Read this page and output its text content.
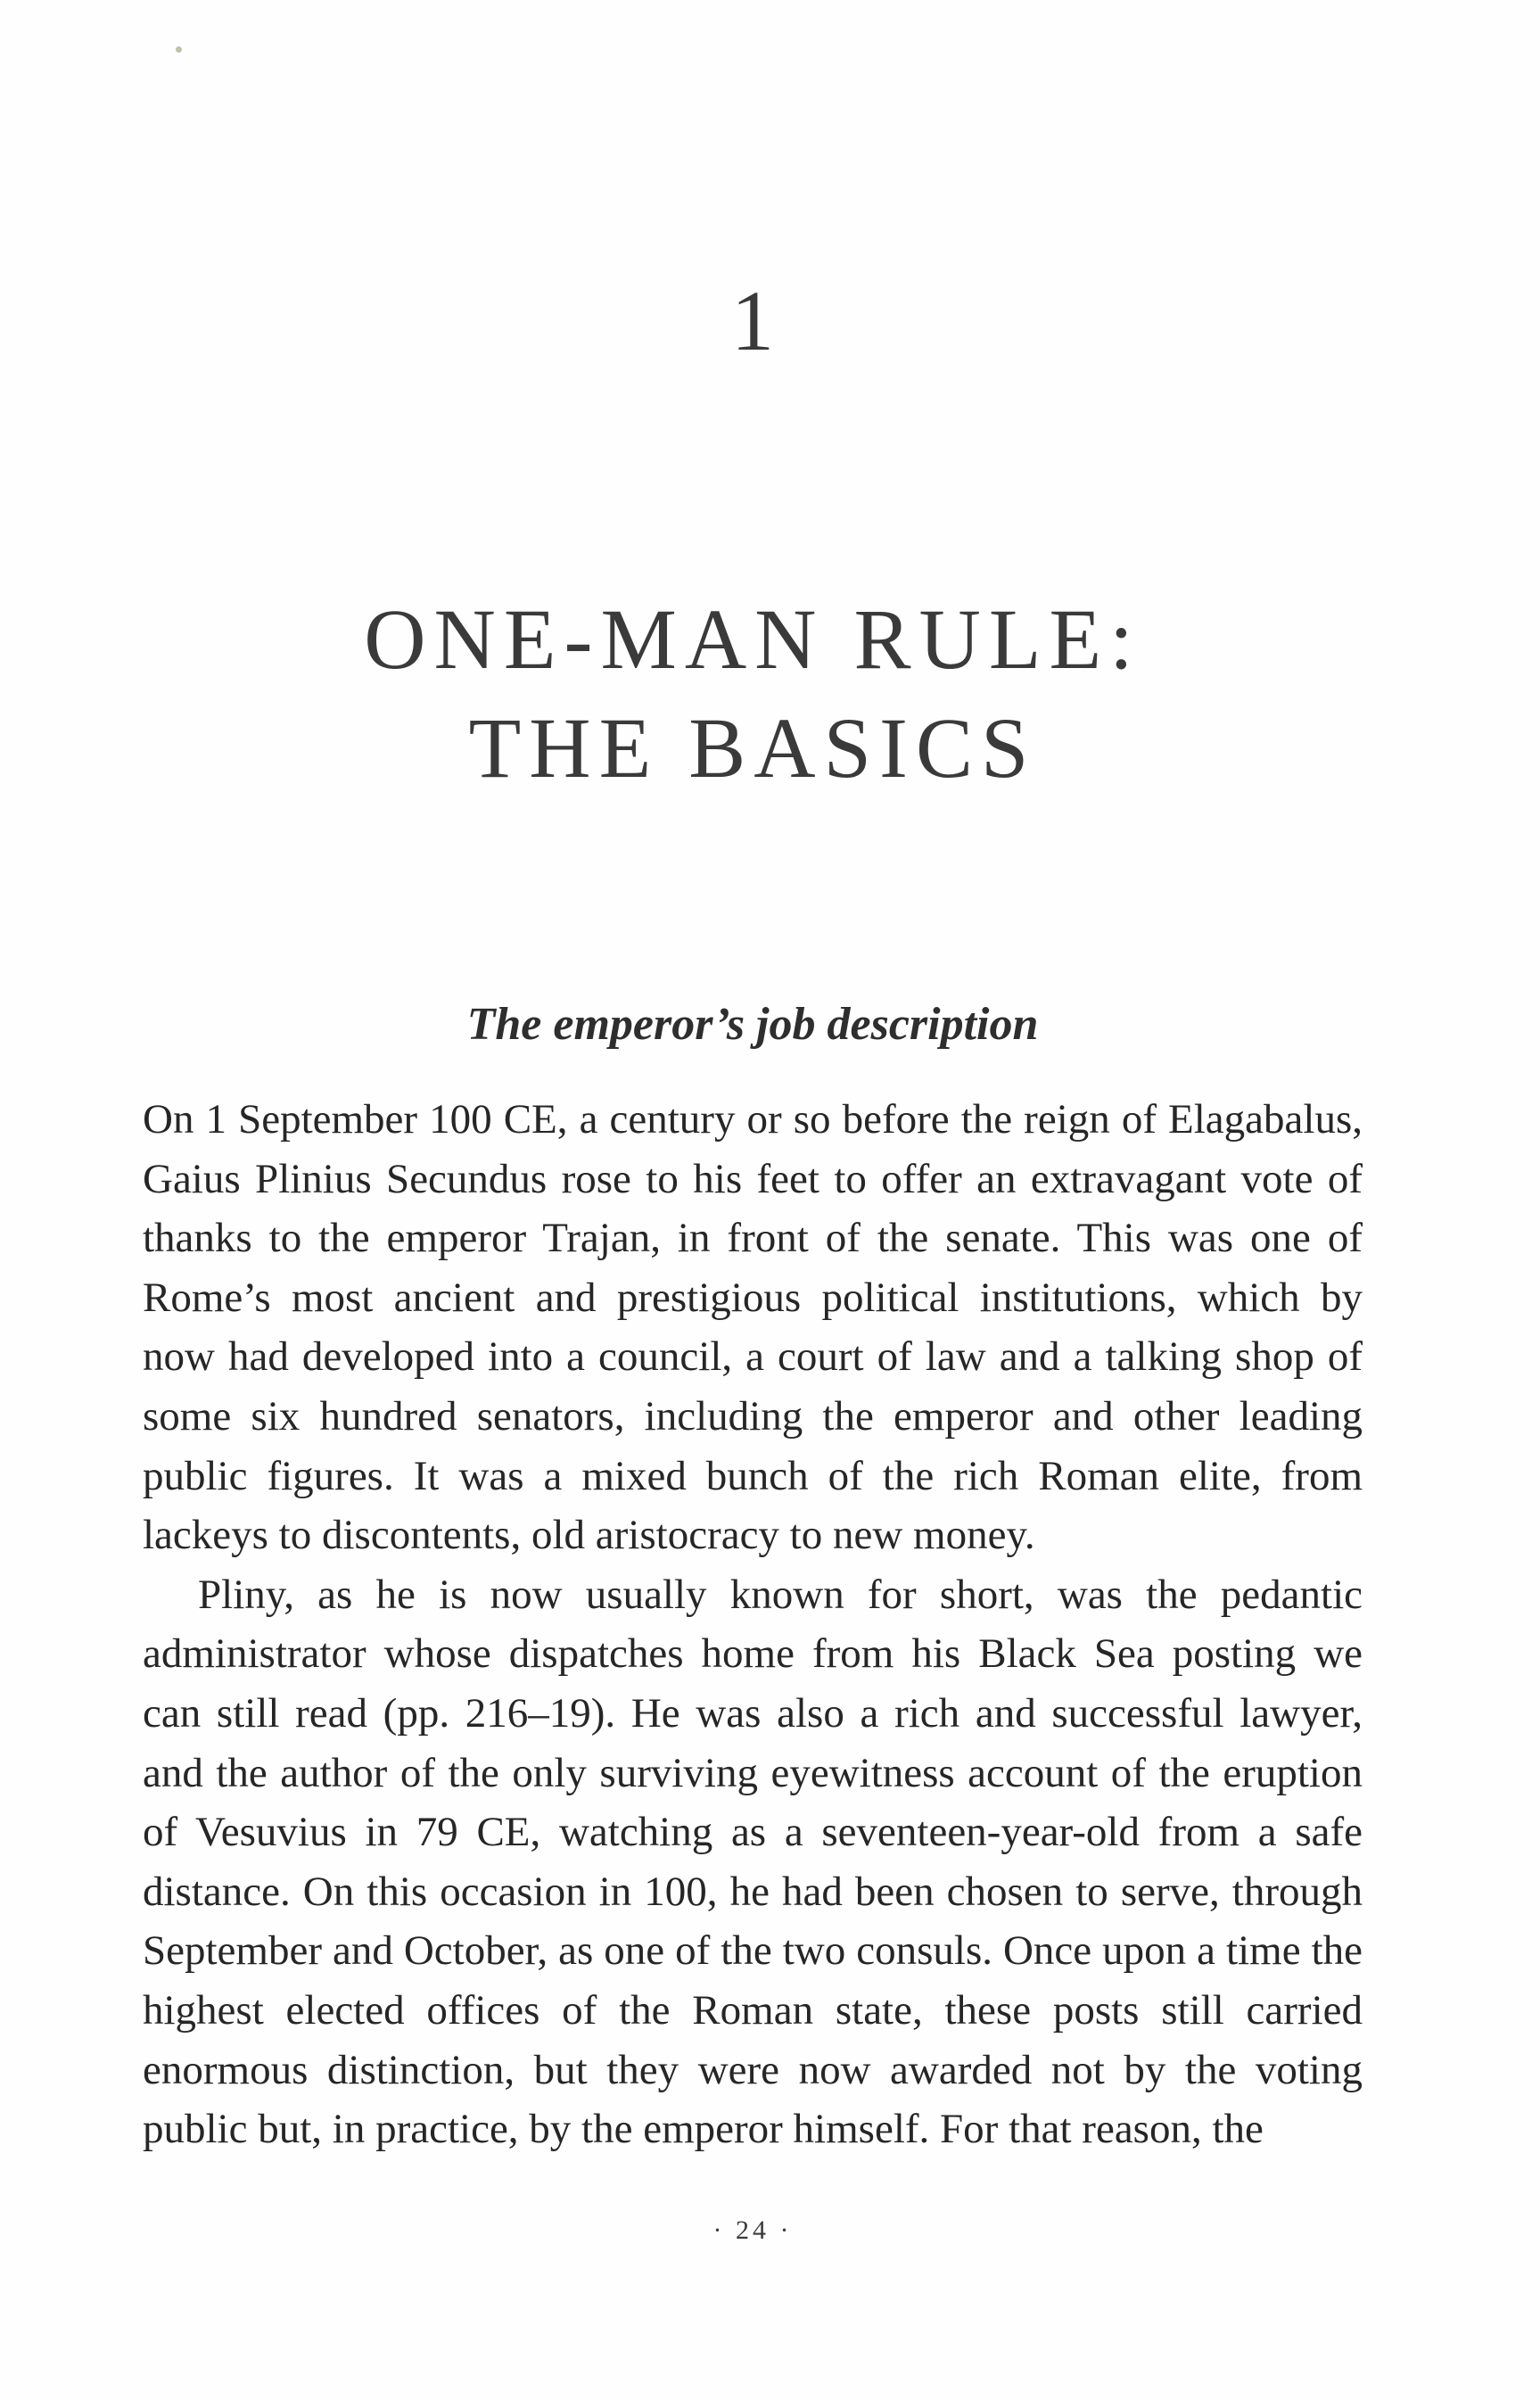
1
ONE-MAN RULE:
THE BASICS
The emperor’s job description

On 1 September 100 CE, a century or so before the reign of Elagabalus, Gaius Plinius Secundus rose to his feet to offer an extravagant vote of thanks to the emperor Trajan, in front of the senate. This was one of Rome’s most ancient and prestigious political institutions, which by now had developed into a council, a court of law and a talking shop of some six hundred senators, including the emperor and other leading public figures. It was a mixed bunch of the rich Roman elite, from lackeys to discontents, old aristocracy to new money.

Pliny, as he is now usually known for short, was the pedantic administrator whose dispatches home from his Black Sea posting we can still read (pp. 216–19). He was also a rich and successful lawyer, and the author of the only surviving eyewitness account of the eruption of Vesuvius in 79 CE, watching as a seventeen-year-old from a safe distance. On this occasion in 100, he had been chosen to serve, through September and October, as one of the two consuls. Once upon a time the highest elected offices of the Roman state, these posts still carried enormous distinction, but they were now awarded not by the voting public but, in practice, by the emperor himself. For that reason, the

· 24 ·
